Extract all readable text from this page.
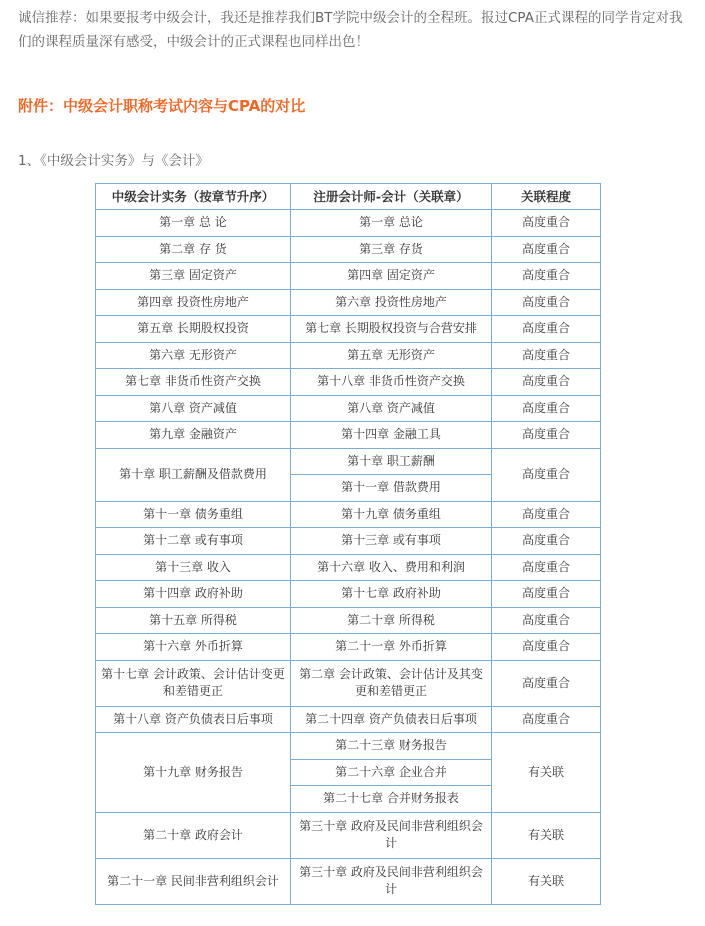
诚信推荐：如果要报考中级会计，我还是推荐我们BT学院中级会计的全程班。报过CPA正式课程的同学肯定对我们的课程质量深有感受，中级会计的正式课程也同样出色！

附件：中级会计职称考试内容与CPA的对比

1、《中级会计实务》与《会计》

中级会计实务（按章节升序）	注册会计师-会计（关联章）	关联程度
第一章 总 论	第一章 总论	高度重合
第二章 存 货	第三章 存货	高度重合
第三章 固定资产	第四章 固定资产	高度重合
第四章 投资性房地产	第六章 投资性房地产	高度重合
第五章 长期股权投资	第七章 长期股权投资与合营安排	高度重合
第六章 无形资产	第五章 无形资产	高度重合
第七章 非货币性资产交换	第十八章 非货币性资产交换	高度重合
第八章 资产减值	第八章 资产减值	高度重合
第九章 金融资产	第十四章 金融工具	高度重合
第十章 职工薪酬及借款费用	第十章 职工薪酬	高度重合
	第十一章 借款费用	
第十一章 债务重组	第十九章 债务重组	高度重合
第十二章 或有事项	第十三章 或有事项	高度重合
第十三章 收入	第十六章 收入、费用和利润	高度重合
第十四章 政府补助	第十七章 政府补助	高度重合
第十五章 所得税	第二十章 所得税	高度重合
第十六章 外币折算	第二十一章 外币折算	高度重合
第十七章 会计政策、会计估计变更和差错更正	第二章 会计政策、会计估计及其变更和差错更正	高度重合
第十八章 资产负债表日后事项	第二十四章 资产负债表日后事项	高度重合
第十九章 财务报告	第二十三章 财务报告	有关联
	第二十六章 企业合并	
	第二十七章 合并财务报表	
第二十章 政府会计	第三十章 政府及民间非营利组织会计	有关联
第二十一章 民间非营利组织会计	第三十章 政府及民间非营利组织会计	有关联
